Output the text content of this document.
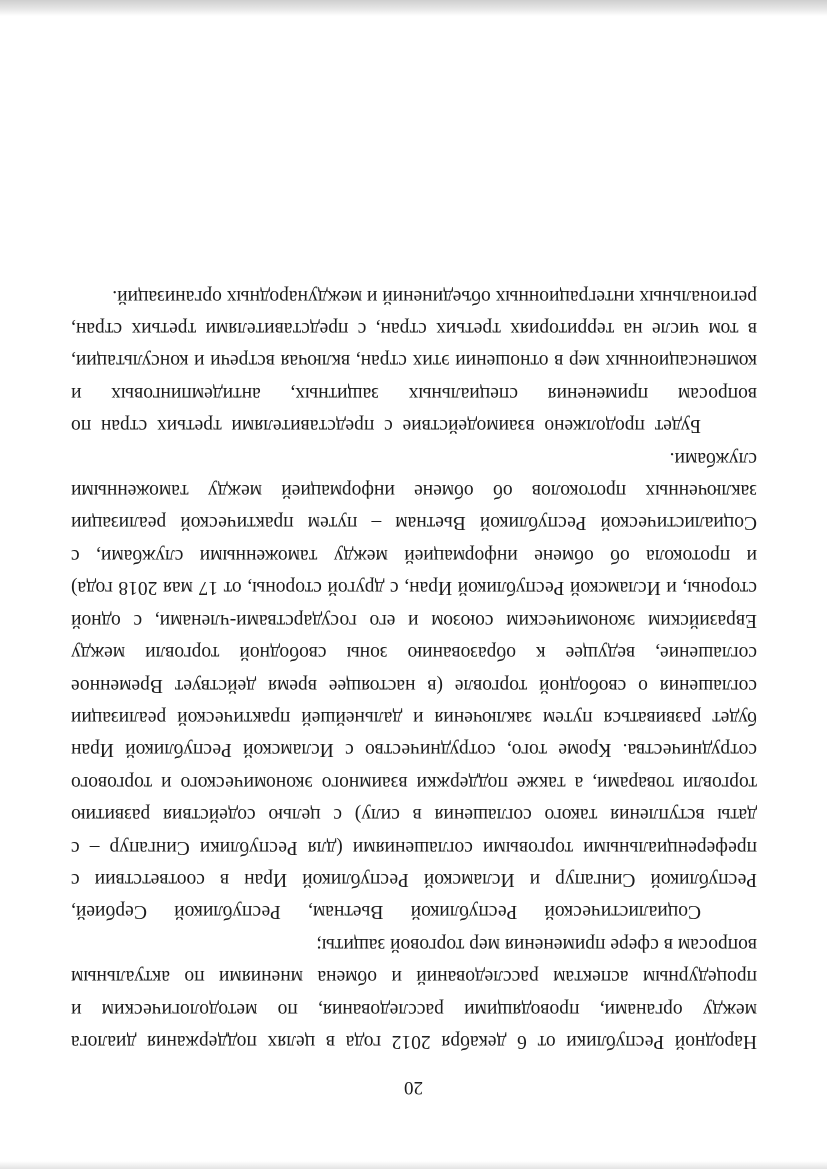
20

Народной Республики от 6 декабря 2012 года в целях поддержания диалога между органами, проводящими расследования, по методологическим и процедурным аспектам расследований и обмена мнениями по актуальным вопросам в сфере применения мер торговой защиты;

Социалистической Республикой Вьетнам, Республикой Сербией, Республикой Сингапур и Исламской Республикой Иран в соответствии с преференциальными торговыми соглашениями (для Республики Сингапур – с даты вступления такого соглашения в силу) с целью содействия развитию торговли товарами, а также поддержки взаимного экономического и торгового сотрудничества. Кроме того, сотрудничество с Исламской Республикой Иран будет развиваться путем заключения и дальнейшей практической реализации соглашения о свободной торговле (в настоящее время действует Временное соглашение, ведущее к образованию зоны свободной торговли между Евразийским экономическим союзом и его государствами-членами, с одной стороны, и Исламской Республикой Иран, с другой стороны, от 17 мая 2018 года) и протокола об обмене информацией между таможенными службами, с Социалистической Республикой Вьетнам – путем практической реализации заключенных протоколов об обмене информацией между таможенными службами.

Будет продолжено взаимодействие с представителями третьих стран по вопросам применения специальных защитных, антидемпинговых и компенсационных мер в отношении этих стран, включая встречи и консультации, в том числе на территориях третьих стран, с представителями третьих стран, региональных интеграционных объединений и международных организаций.
